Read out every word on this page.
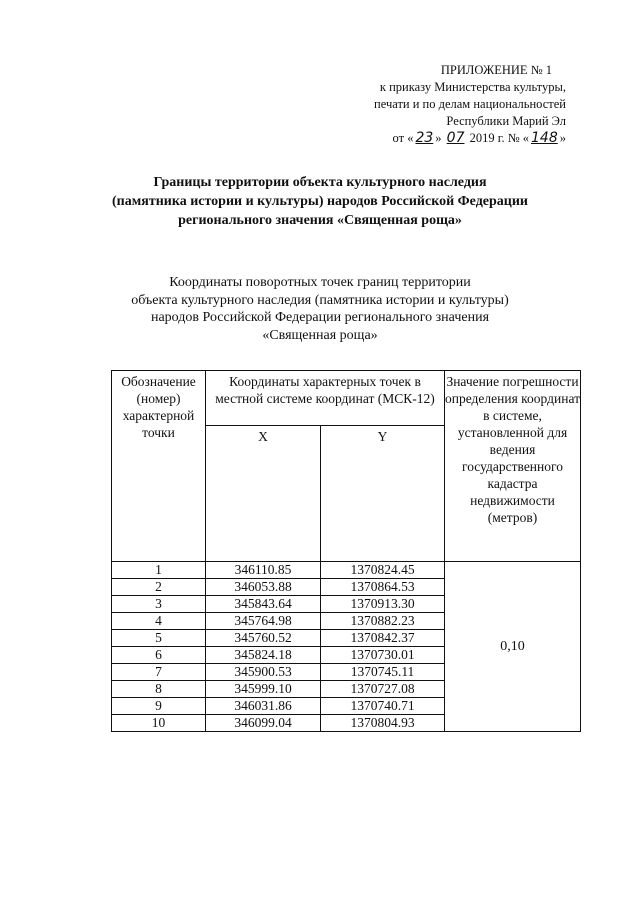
ПРИЛОЖЕНИЕ № 1
к приказу Министерства культуры,
печати и по делам национальностей
Республики Марий Эл
от « 23 » 07 2019 г. № « 148 »
Границы территории объекта культурного наследия
(памятника истории и культуры) народов Российской Федерации
регионального значения «Священная роща»
Координаты поворотных точек границ территории
объекта культурного наследия (памятника истории и культуры)
народов Российской Федерации регионального значения
«Священная роща»
Обозначение (номер) характерной точки	Координаты характерных точек в местной системе координат (МСК-12)		Значение погрешности определения координат в системе, установленной для ведения государственного кадастра недвижимости (метров)
	X	Y	
1	346110.85	1370824.45	0,10
2	346053.88	1370864.53	
3	345843.64	1370913.30	
4	345764.98	1370882.23	
5	345760.52	1370842.37	
6	345824.18	1370730.01	
7	345900.53	1370745.11	
8	345999.10	1370727.08	
9	346031.86	1370740.71	
10	346099.04	1370804.93	
